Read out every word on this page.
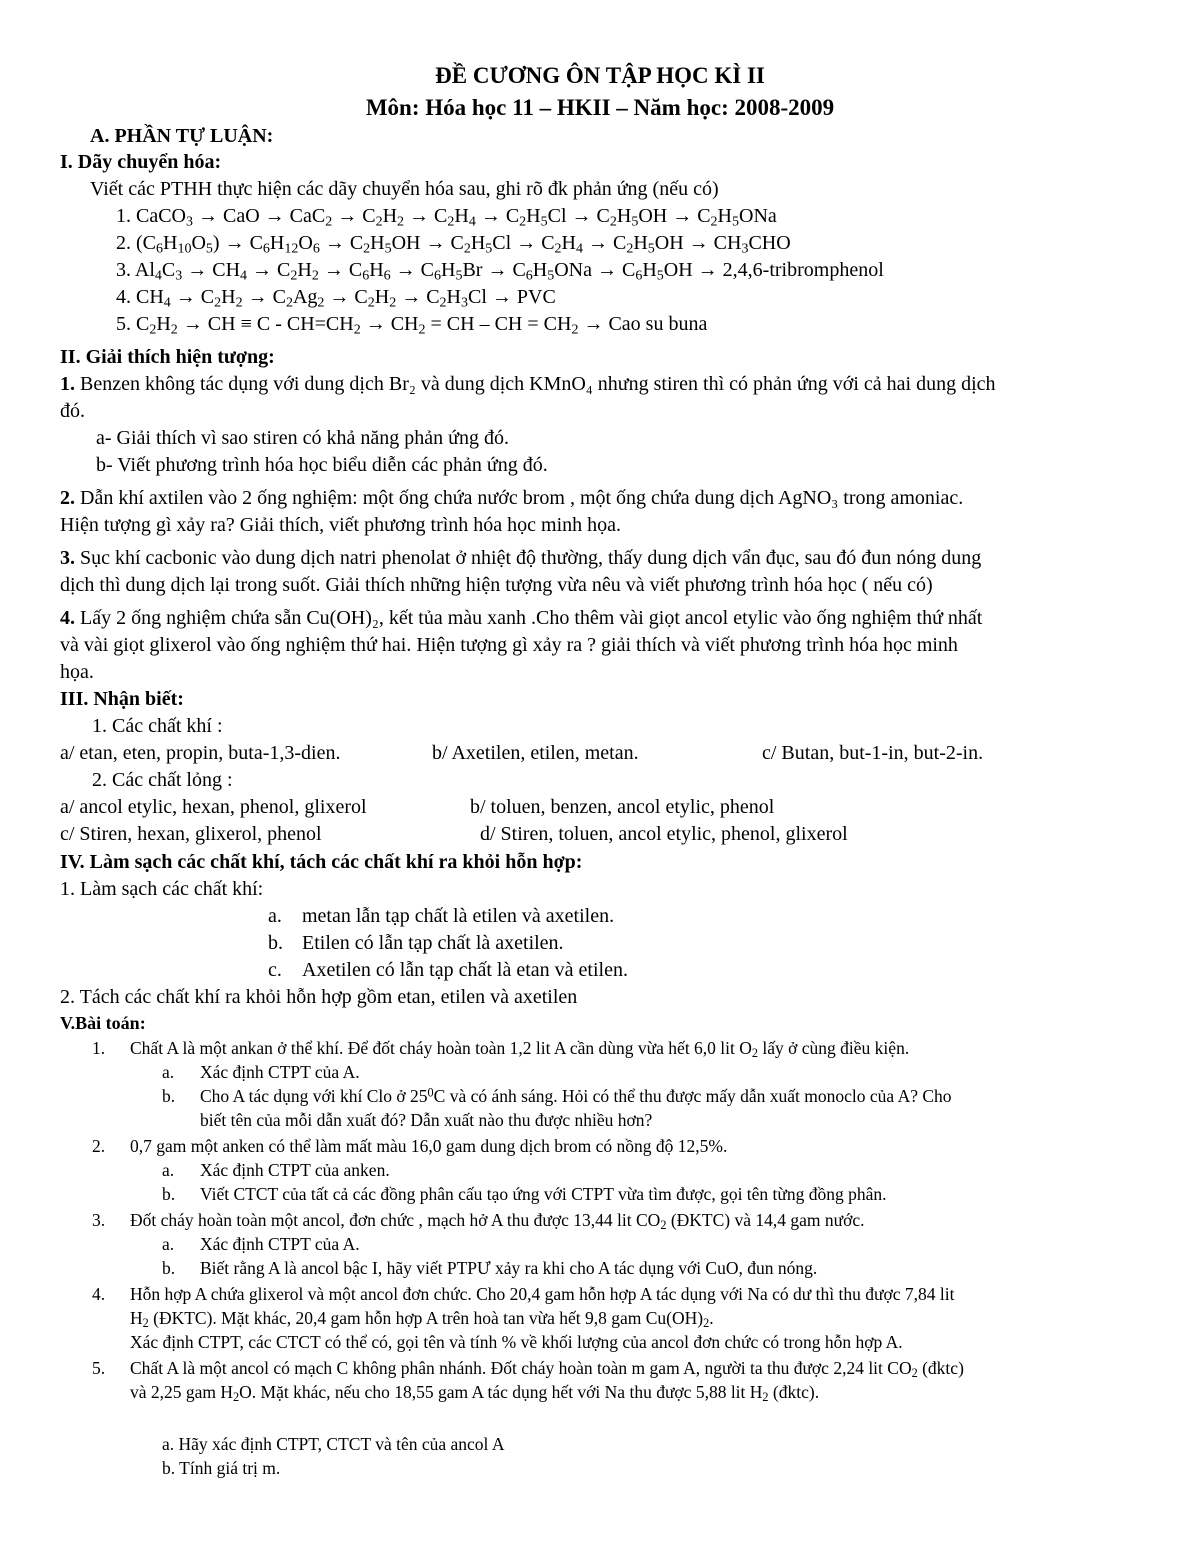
ĐỀ CƯƠNG ÔN TẬP HỌC KÌ II
Môn: Hóa học 11 – HKII – Năm học: 2008-2009
A. PHẦN TỰ LUẬN:
I. Dãy chuyển hóa:
Viết các PTHH thực hiện các dãy chuyển hóa sau, ghi rõ đk phản ứng (nếu có)
1. CaCO$_3$ → CaO → $CaC_2 \to C_2H_2 \to C_2H_4 \to C_2H_5Cl \to C_2H_5OH \to C_2H_5ONa$
2. $(C_6H_{10}O_5) \to C_6H_{12}O_6 \to C_2H_5OH \to C_2H_5Cl \to C_2H_4 \to C_2H_5OH \to CH_3CHO$
3. $Al_4C_3 \to CH_4 \to C_2H_2 \to C_6H_6 \to C_6H_5Br \to C_6H_5ONa \to C_6H_5OH$ → 2,4,6-tribromphenol
4. $CH_4 \to C_2H_2 \to C_2Ag_2 \to C_2H_2 \to C_2H_3Cl$ → PVC
5. $C_2H_2$ → CH ≡ $C - CH=CH_2 \to CH_2$ = CH – CH = $CH_2$ → Cao su buna
II. Giải thích hiện tượng:
1. Benzen không tác dụng với dung dịch Br₂ và dung dịch KMnO₄ nhưng stiren thì có phản ứng với cả hai dung dịch
đó.
a- Giải thích vì sao stiren có khả năng phản ứng đó.
b- Viết phương trình hóa học biểu diễn các phản ứng đó.
2. Dẫn khí axtilen vào 2 ống nghiệm: một ống chứa nước brom , một ống chứa dung dịch AgNO₃ trong amoniac.
Hiện tượng gì xảy ra? Giải thích, viết phương trình hóa học minh họa.
3. Sục khí cacbonic vào dung dịch natri phenolat ở nhiệt độ thường, thấy dung dịch vẩn đục, sau đó đun nóng dung
dịch thì dung dịch lại trong suốt. Giải thích những hiện tượng vừa nêu và viết phương trình hóa học ( nếu có)
4. Lấy 2 ống nghiệm chứa sẵn Cu(OH)₂, kết tủa màu xanh .Cho thêm vài giọt ancol etylic vào ống nghiệm thứ nhất
và vài giọt glixerol vào ống nghiệm thứ hai. Hiện tượng gì xảy ra ? giải thích và viết phương trình hóa học minh
họa.
III. Nhận biết:
1. Các chất khí :
a/ etan, eten, propin, buta-1,3-dien.	b/ Axetilen, etilen, metan.	c/ Butan, but-1-in, but-2-in.
2. Các chất lỏng :
a/ ancol etylic, hexan, phenol, glixerol	b/ toluen, benzen, ancol etylic, phenol
c/ Stiren, hexan, glixerol, phenol	d/ Stiren, toluen, ancol etylic, phenol, glixerol
IV. Làm sạch các chất khí, tách các chất khí ra khỏi hỗn hợp:
1. Làm sạch các chất khí:
a. metan lẫn tạp chất là etilen và axetilen.
b. Etilen có lẫn tạp chất là axetilen.
c. Axetilen có lẫn tạp chất là etan và etilen.
2. Tách các chất khí ra khỏi hỗn hợp gồm etan, etilen và axetilen
V.Bài toán:
1. Chất A là một ankan ở thể khí. Để đốt cháy hoàn toàn 1,2 lit A cần dùng vừa hết 6,0 lit $O_2$ lấy ở cùng điều kiện.
a. Xác định CTPT của A.
b. Cho A tác dụng với khí Clo ở $25^0C$ và có ánh sáng. Hỏi có thể thu được mấy dẫn xuất monoclo của A? Cho
biết tên của mỗi dẫn xuất đó? Dẫn xuất nào thu được nhiều hơn?
2. 0,7 gam một anken có thể làm mất màu 16,0 gam dung dịch brom có nồng độ 12,5%.
a. Xác định CTPT của anken.
b. Viết CTCT của tất cả các đồng phân cấu tạo ứng với CTPT vừa tìm được, gọi tên từng đồng phân.
3. Đốt cháy hoàn toàn một ancol, đơn chức , mạch hở A thu được 13,44 lit $CO_2$ (ĐKTC) và 14,4 gam nước.
a. Xác định CTPT của A.
b. Biết rằng A là ancol bậc I, hãy viết PTPƯ xảy ra khi cho A tác dụng với CuO, đun nóng.
4. Hỗn hợp A chứa glixerol và một ancol đơn chức. Cho 20,4 gam hỗn hợp A tác dụng với Na có dư thì thu được 7,84 lit
$H_2$ (ĐKTC). Mặt khác, 20,4 gam hỗn hợp A trên hoà tan vừa hết 9,8 gam $Cu(OH)_2$.
Xác định CTPT, các CTCT có thể có, gọi tên và tính % về khối lượng của ancol đơn chức có trong hỗn hợp A.
5. Chất A là một ancol có mạch C không phân nhánh. Đốt cháy hoàn toàn m gam A, người ta thu được 2,24 lit $CO_2$ (đktc)
và 2,25 gam $H_2O$. Mặt khác, nếu cho 18,55 gam A tác dụng hết với Na thu được 5,88 lit $H_2$ (đktc).
a. Hãy xác định CTPT, CTCT và tên của ancol A
b. Tính giá trị m.
